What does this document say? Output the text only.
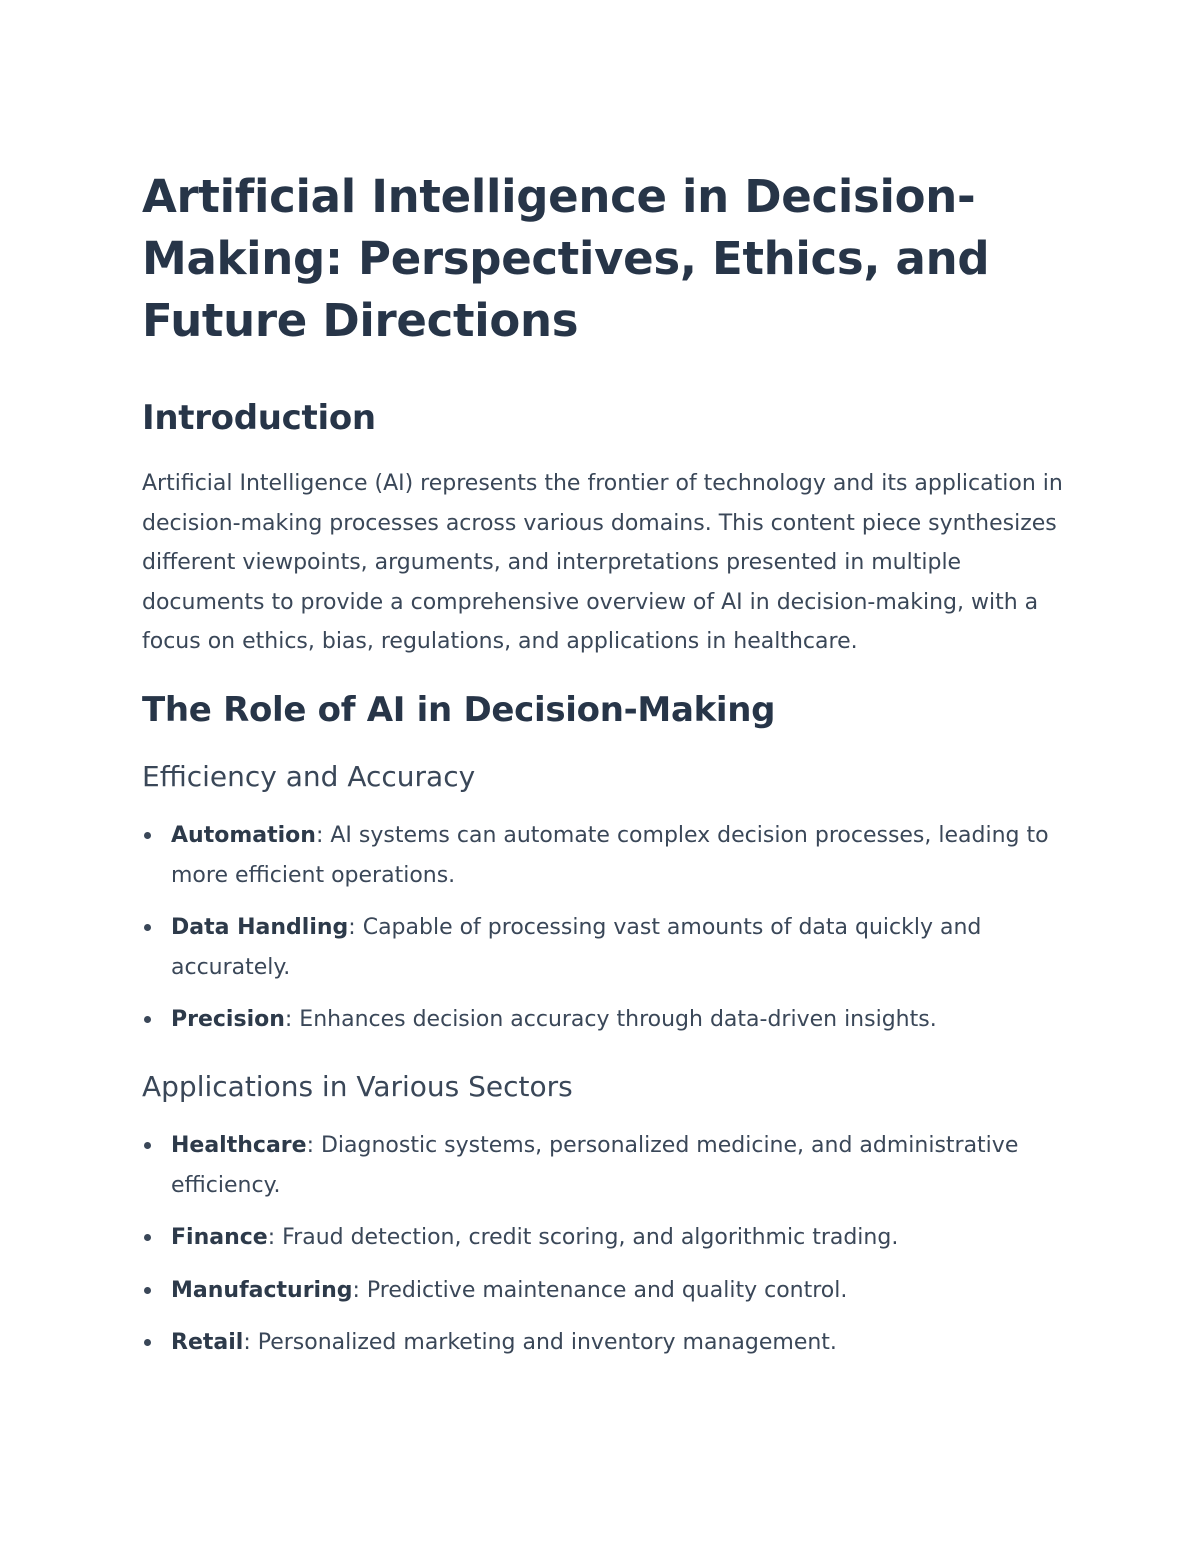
Artificial Intelligence in Decision-Making: Perspectives, Ethics, and Future Directions
Introduction

Artificial Intelligence (AI) represents the frontier of technology and its application in decision-making processes across various domains. This content piece synthesizes different viewpoints, arguments, and interpretations presented in multiple documents to provide a comprehensive overview of AI in decision-making, with a focus on ethics, bias, regulations, and applications in healthcare.

The Role of AI in Decision-Making
Efficiency and Accuracy
Automation: AI systems can automate complex decision processes, leading to more efficient operations.
Data Handling: Capable of processing vast amounts of data quickly and accurately.
Precision: Enhances decision accuracy through data-driven insights.
Applications in Various Sectors
Healthcare: Diagnostic systems, personalized medicine, and administrative efficiency.
Finance: Fraud detection, credit scoring, and algorithmic trading.
Manufacturing: Predictive maintenance and quality control.
Retail: Personalized marketing and inventory management.
